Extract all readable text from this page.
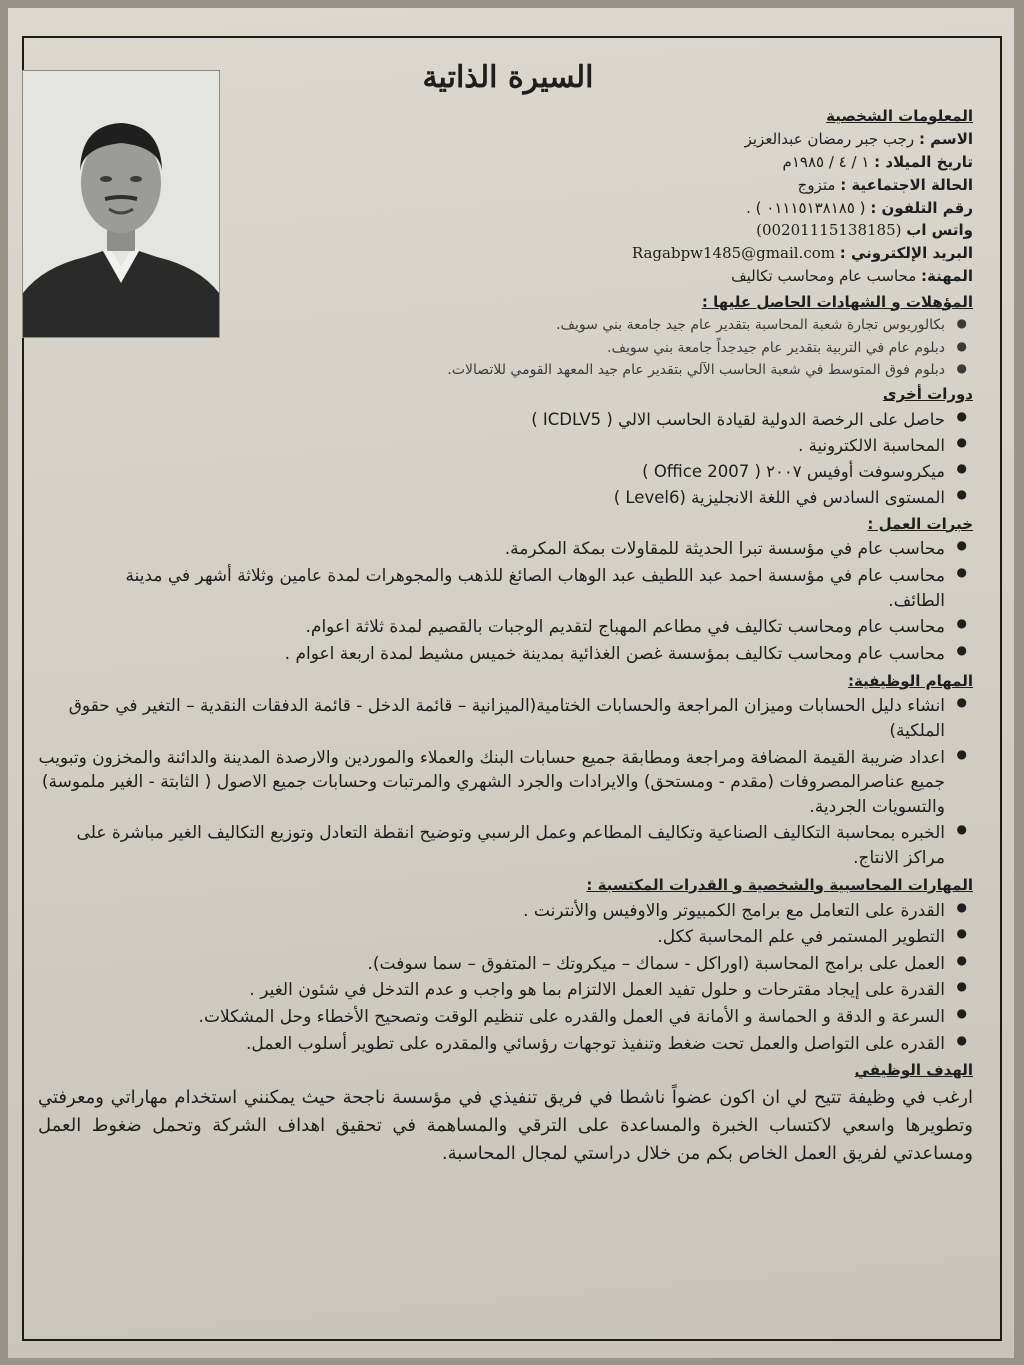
السيرة الذاتية
المعلومات الشخصية
الاسم : رجب جبر رمضان عبدالعزيز
تاريخ الميلاد : ١ / ٤ / ١٩٨٥م
الحالة الاجتماعية : متزوج
رقم التلفون : ( ٠١١١٥١٣٨١٨٥ ) .
واتس اب (00201115138185)
البريد الإلكتروني : Ragabpw1485@gmail.com
المهنة: محاسب عام ومحاسب تكاليف
المؤهلات و الشهادات الحاصل عليها :
● بكالوريوس تجارة شعبة المحاسبة بتقدير عام جيد جامعة بني سويف.
● دبلوم عام في التربية بتقدير عام جيدجداً جامعة بني سويف.
● دبلوم فوق المتوسط في شعبة الحاسب الآلي بتقدير عام جيد المعهد القومي للاتصالات.
دورات أخرى
● حاصل على الرخصة الدولية لقيادة الحاسب الالي ( ICDLV5 )
● المحاسبة الالكترونية .
● ميكروسوفت أوفيس ٢٠٠٧ ( Office 2007 )
● المستوى السادس في اللغة الانجليزية (Level6 )
خبرات العمل :
● محاسب عام في مؤسسة تبرا الحديثة للمقاولات بمكة المكرمة.
● محاسب عام في مؤسسة احمد عبد اللطيف عبد الوهاب الصائغ للذهب والمجوهرات لمدة عامين وثلاثة أشهر في مدينة الطائف.
● محاسب عام ومحاسب تكاليف في مطاعم المهباج لتقديم الوجبات بالقصيم لمدة ثلاثة اعوام.
● محاسب عام ومحاسب تكاليف بمؤسسة غصن الغذائية بمدينة خميس مشيط لمدة اربعة اعوام .
المهام الوظيفية:
● انشاء دليل الحسابات وميزان المراجعة والحسابات الختامية(الميزانية – قائمة الدخل - قائمة الدفقات النقدية – التغير في حقوق الملكية)
● اعداد ضريبة القيمة المضافة ومراجعة ومطابقة جميع حسابات البنك والعملاء والموردين والارصدة المدينة والدائنة والمخزون وتبويب جميع عناصرالمصروفات (مقدم - ومستحق) والايرادات والجرد الشهري والمرتبات وحسابات جميع الاصول ( الثابتة - الغير ملموسة) والتسويات الجردية.
● الخبره بمحاسبة التكاليف الصناعية وتكاليف المطاعم وعمل الرسبي وتوضيح انقطة التعادل وتوزيع التكاليف الغير مباشرة على مراكز الانتاج.
المهارات المحاسبية والشخصية و القدرات المكتسبة :
● القدرة على التعامل مع برامج الكمبيوتر والاوفيس والأنترنت .
● التطوير المستمر في علم المحاسبة ككل.
● العمل على برامج المحاسبة (اوراكل - سماك – ميكروتك – المتفوق – سما سوفت).
● القدرة على إيجاد مقترحات و حلول تفيد العمل الالتزام بما هو واجب و عدم التدخل في شئون الغير .
● السرعة و الدقة و الحماسة و الأمانة في العمل والقدره على تنظيم الوقت وتصحيح الأخطاء وحل المشكلات.
● القدره على التواصل والعمل تحت ضغط وتنفيذ توجهات رؤسائي والمقدره على تطوير أسلوب العمل.
الهدف الوظيفي
ارغب في وظيفة تتيح لي ان اكون عضواً ناشطا في فريق تنفيذي في مؤسسة ناجحة حيث يمكنني استخدام مهاراتي ومعرفتي وتطويرها واسعي لاكتساب الخبرة والمساعدة على الترقي والمساهمة في تحقيق اهداف الشركة وتحمل ضغوط العمل ومساعدتي لفريق العمل الخاص بكم من خلال دراستي لمجال المحاسبة.
